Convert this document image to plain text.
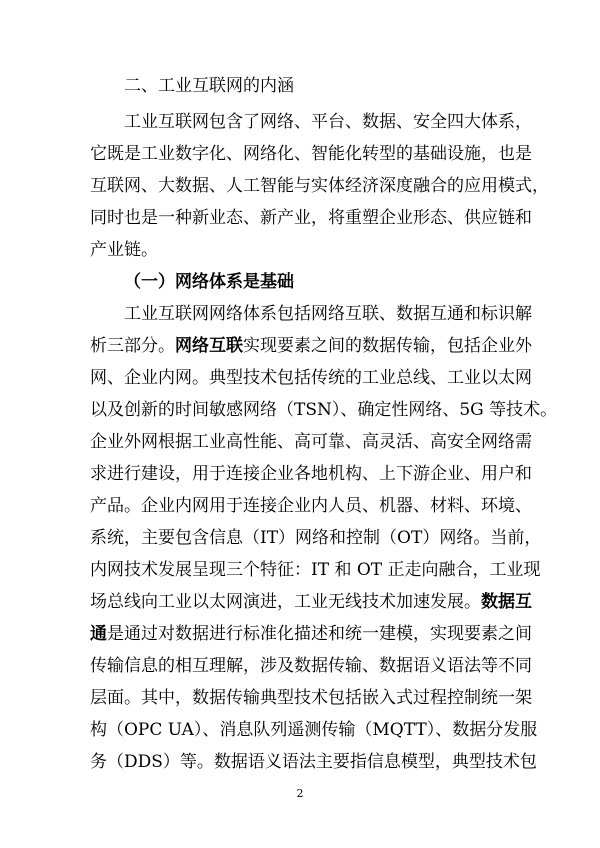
二、工业互联网的内涵
工业互联网包含了网络、平台、数据、安全四大体系，
它既是工业数字化、网络化、智能化转型的基础设施，也是
互联网、大数据、人工智能与实体经济深度融合的应用模式，
同时也是一种新业态、新产业，将重塑企业形态、供应链和
产业链。
（一）网络体系是基础
工业互联网网络体系包括网络互联、数据互通和标识解
析三部分。网络互联实现要素之间的数据传输，包括企业外
网、企业内网。典型技术包括传统的工业总线、工业以太网
以及创新的时间敏感网络（TSN）、确定性网络、5G 等技术。
企业外网根据工业高性能、高可靠、高灵活、高安全网络需
求进行建设，用于连接企业各地机构、上下游企业、用户和
产品。企业内网用于连接企业内人员、机器、材料、环境、
系统，主要包含信息（IT）网络和控制（OT）网络。当前，
内网技术发展呈现三个特征：IT 和 OT 正走向融合，工业现
场总线向工业以太网演进，工业无线技术加速发展。数据互
通是通过对数据进行标准化描述和统一建模，实现要素之间
传输信息的相互理解，涉及数据传输、数据语义语法等不同
层面。其中，数据传输典型技术包括嵌入式过程控制统一架
构（OPC UA）、消息队列遥测传输（MQTT）、数据分发服
务（DDS）等。数据语义语法主要指信息模型，典型技术包
2
